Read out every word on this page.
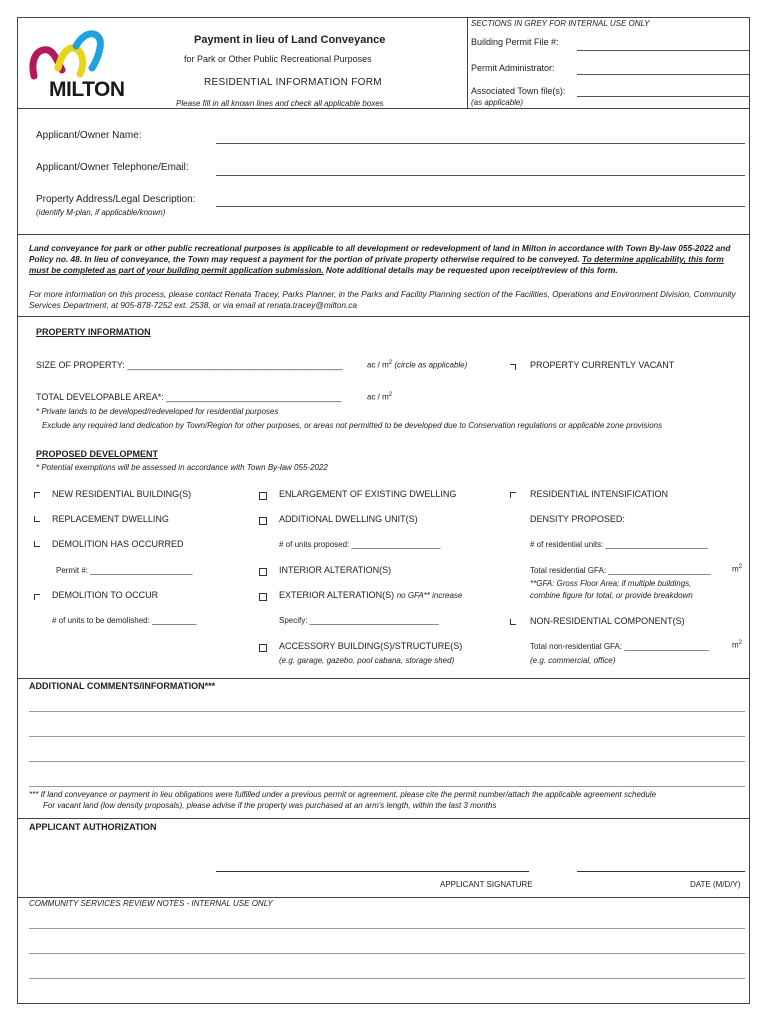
MILTON
Payment in lieu of Land Conveyance
for Park or Other Public Recreational Purposes
RESIDENTIAL INFORMATION FORM
Please fill in all known lines and check all applicable boxes
SECTIONS IN GREY FOR INTERNAL USE ONLY
Building Permit File #:
Permit Administrator:
Associated Town file(s):
(as applicable)
Applicant/Owner Name:
Applicant/Owner Telephone/Email:
Property Address/Legal Description:
(identify M-plan, if applicable/known)
Land conveyance for park or other public recreational purposes is applicable to all development or redevelopment of land in Milton in accordance with Town By-law 055-2022 and Policy no. 48. In lieu of conveyance, the Town may request a payment for the portion of private property otherwise required to be conveyed. To determine applicability, this form must be completed as part of your building permit application submission. Note additional details may be requested upon receipt/review of this form.
For more information on this process, please contact Renata Tracey, Parks Planner, in the Parks and Facility Planning section of the Facilities, Operations and Environment Division, Community Services Department, at 905-878-7252 ext. 2538, or via email at renata.tracey@milton.ca
PROPERTY INFORMATION
SIZE OF PROPERTY: ___________________________________________	ac / $m^2$ (circle as applicable)	PROPERTY CURRENTLY VACANT
TOTAL DEVELOPABLE AREA*: ___________________________________	ac / $m^2$
* Private lands to be developed/redeveloped for residential purposes
Exclude any required land dedication by Town/Region for other purposes, or areas not permitted to be developed due to Conservation regulations or applicable zone provisions
PROPOSED DEVELOPMENT
* Potential exemptions will be assessed in accordance with Town By-law 055-2022
NEW RESIDENTIAL BUILDING(S)
REPLACEMENT DWELLING
DEMOLITION HAS OCCURRED
Permit #: _______________________
DEMOLITION TO OCCUR
# of units to be demolished: __________
ENLARGEMENT OF EXISTING DWELLING
ADDITIONAL DWELLING UNIT(S)
# of units proposed: ____________________
INTERIOR ALTERATION(S)
EXTERIOR ALTERATION(S) no GFA** increase
Specify: _____________________________
ACCESSORY BUILDING(S)/STRUCTURE(S)
(e.g. garage, gazebo, pool cabana, storage shed)
RESIDENTIAL INTENSIFICATION
DENSITY PROPOSED:
# of residential units: _______________________
Total residential GFA: _______________________	$m^2$
**GFA: Gross Floor Area; if multiple buildings,
combine figure for total, or provide breakdown
NON-RESIDENTIAL COMPONENT(S)
Total non-residential GFA: ___________________	$m^2$
(e.g. commercial, office)
ADDITIONAL COMMENTS/INFORMATION***
*** If land conveyance or payment in lieu obligations were fulfilled under a previous permit or agreement, please cite the permit number/attach the applicable agreement schedule
For vacant land (low density proposals), please advise if the property was purchased at an arm's length, within the last 3 months
APPLICANT AUTHORIZATION
APPLICANT SIGNATURE	DATE (M/D/Y)
COMMUNITY SERVICES REVIEW NOTES - INTERNAL USE ONLY
